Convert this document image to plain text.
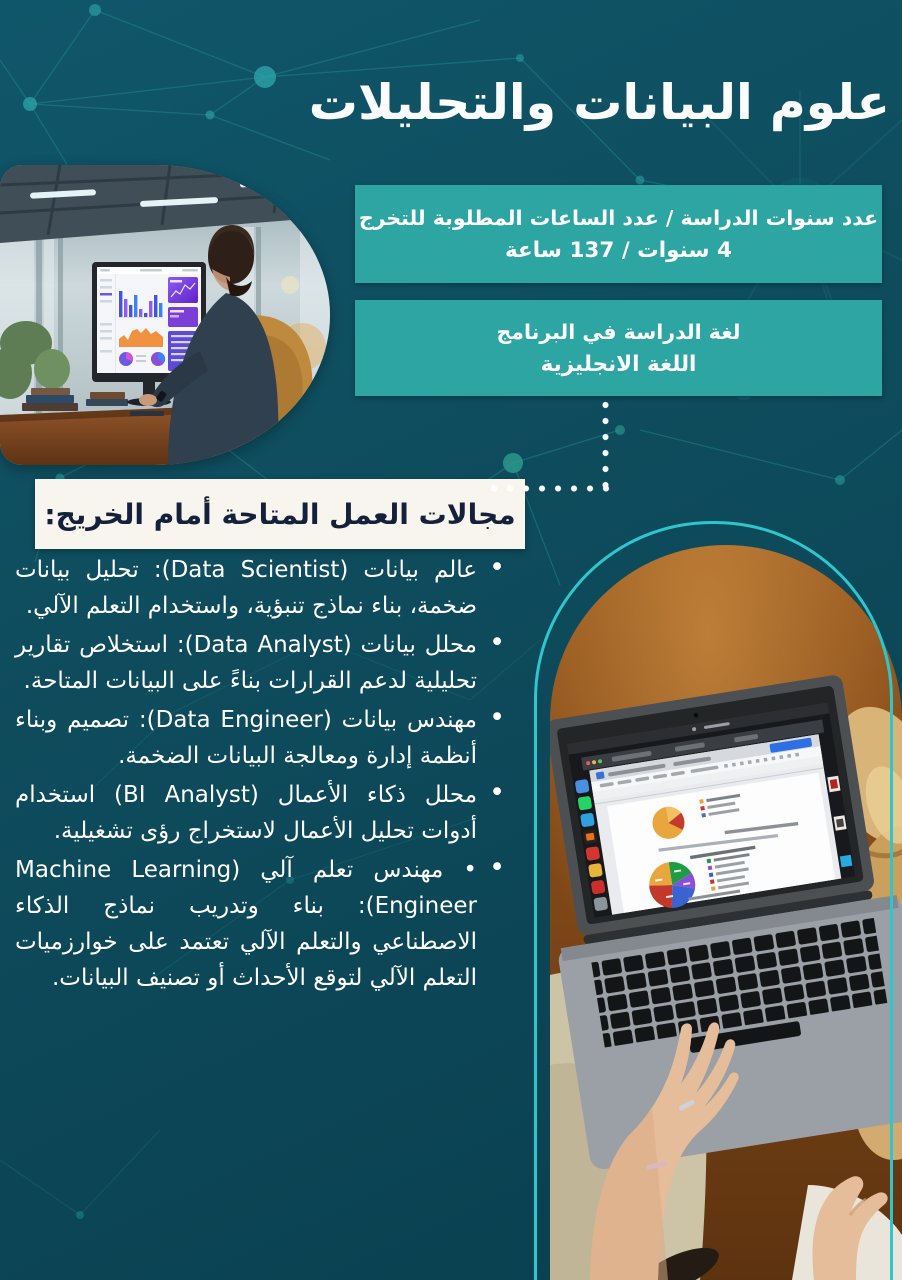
علوم البيانات والتحليلات
عدد سنوات الدراسة / عدد الساعات المطلوبة للتخرج
4 سنوات / 137 ساعة
لغة الدراسة في البرنامج
اللغة الانجليزية
مجالات العمل المتاحة أمام الخريج:
• عالم بيانات (Data Scientist): تحليل بيانات ضخمة، بناء نماذج تنبؤية، واستخدام التعلم الآلي.
• محلل بيانات (Data Analyst): استخلاص تقارير تحليلية لدعم القرارات بناءً على البيانات المتاحة.
• مهندس بيانات (Data Engineer): تصميم وبناء أنظمة إدارة ومعالجة البيانات الضخمة.
• محلل ذكاء الأعمال (BI Analyst) استخدام أدوات تحليل الأعمال لاستخراج رؤى تشغيلية.
• • مهندس تعلم آلي (Machine Learning Engineer): بناء وتدريب نماذج الذكاء الاصطناعي والتعلم الآلي تعتمد على خوارزميات التعلم الآلي لتوقع الأحداث أو تصنيف البيانات.
